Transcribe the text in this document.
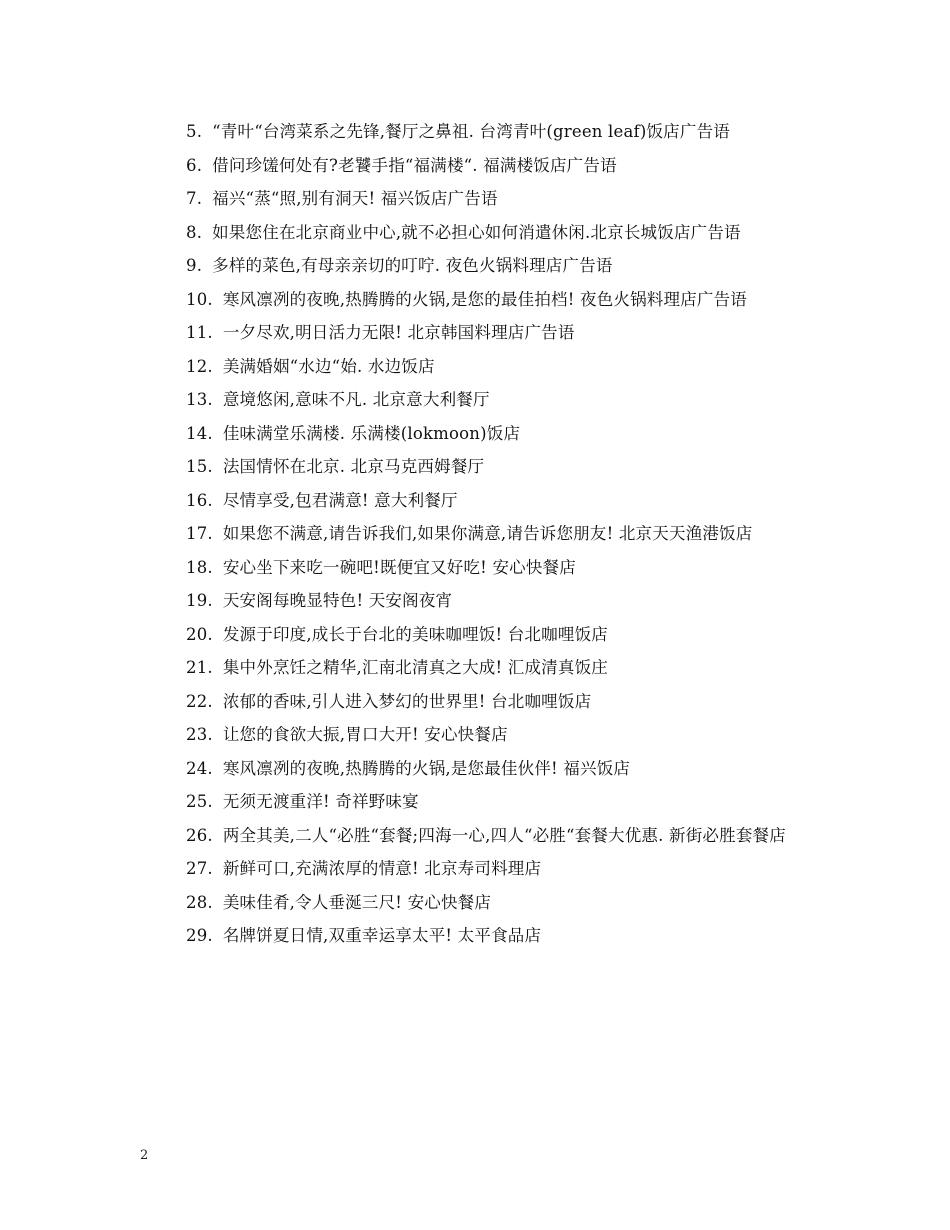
5. “青叶“台湾菜系之先锋,餐厅之鼻祖. 台湾青叶(green leaf)饭店广告语

6. 借问珍馐何处有?老饕手指“福满楼“. 福满楼饭店广告语

7. 福兴“蒸“照,别有洞天! 福兴饭店广告语

8. 如果您住在北京商业中心,就不必担心如何消遣休闲.北京长城饭店广告语

9. 多样的菜色,有母亲亲切的叮咛. 夜色火锅料理店广告语

10. 寒风凛冽的夜晚,热腾腾的火锅,是您的最佳拍档! 夜色火锅料理店广告语

11. 一夕尽欢,明日活力无限! 北京韩国料理店广告语

12. 美满婚姻“水边“始. 水边饭店

13. 意境悠闲,意味不凡. 北京意大利餐厅

14. 佳味满堂乐满楼. 乐满楼(lokmoon)饭店

15. 法国情怀在北京. 北京马克西姆餐厅

16. 尽情享受,包君满意! 意大利餐厅

17. 如果您不满意,请告诉我们,如果你满意,请告诉您朋友! 北京天天渔港饭店

18. 安心坐下来吃一碗吧!既便宜又好吃! 安心快餐店

19. 天安阁每晚显特色! 天安阁夜宵

20. 发源于印度,成长于台北的美味咖哩饭! 台北咖哩饭店

21. 集中外烹饪之精华,汇南北清真之大成! 汇成清真饭庄

22. 浓郁的香味,引人进入梦幻的世界里! 台北咖哩饭店

23. 让您的食欲大振,胃口大开! 安心快餐店

24. 寒风凛冽的夜晚,热腾腾的火锅,是您最佳伙伴! 福兴饭店

25. 无须无渡重洋! 奇祥野味宴

26. 两全其美,二人“必胜“套餐;四海一心,四人“必胜“套餐大优惠. 新街必胜套餐店

27. 新鲜可口,充满浓厚的情意! 北京寿司料理店

28. 美味佳肴,令人垂涎三尺! 安心快餐店

29. 名牌饼夏日情,双重幸运享太平! 太平食品店

2
